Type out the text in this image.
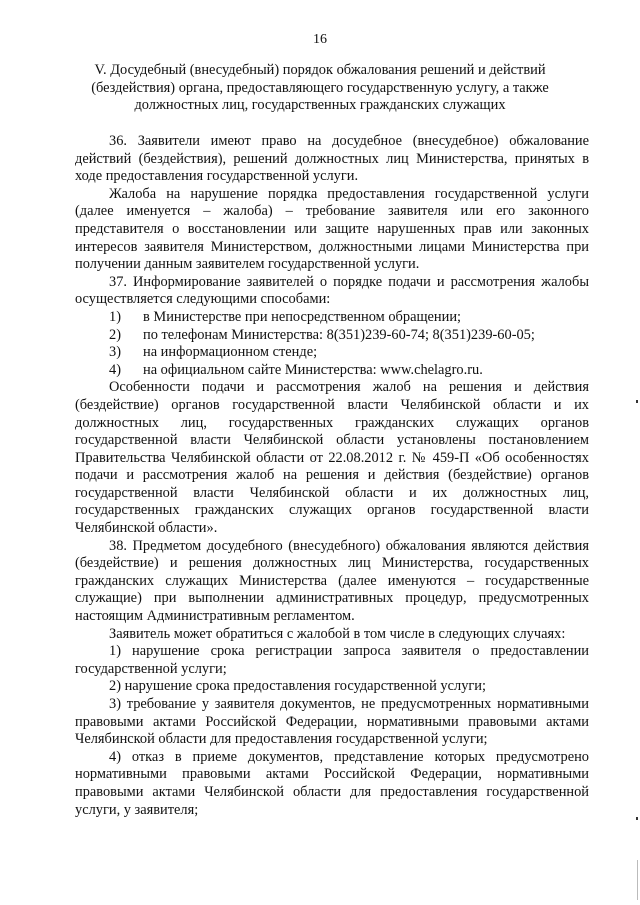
16
V. Досудебный (внесудебный) порядок обжалования решений и действий (бездействия) органа, предоставляющего государственную услугу, а также должностных лиц, государственных гражданских служащих

36. Заявители имеют право на досудебное (внесудебное) обжалование действий (бездействия), решений должностных лиц Министерства, принятых в ходе предоставления государственной услуги.

Жалоба на нарушение порядка предоставления государственной услуги (далее именуется – жалоба) – требование заявителя или его законного представителя о восстановлении или защите нарушенных прав или законных интересов заявителя Министерством, должностными лицами Министерства при получении данным заявителем государственной услуги.

37. Информирование заявителей о порядке подачи и рассмотрения жалобы осуществляется следующими способами:

1)	в Министерстве при непосредственном обращении;
2)	по телефонам Министерства: 8(351)239-60-74; 8(351)239-60-05;
3)	на информационном стенде;
4)	на официальном сайте Министерства: www.chelagro.ru.

Особенности подачи и рассмотрения жалоб на решения и действия (бездействие) органов государственной власти Челябинской области и их должностных лиц, государственных гражданских служащих органов государственной власти Челябинской области установлены постановлением Правительства Челябинской области от 22.08.2012 г. № 459-П «Об особенностях подачи и рассмотрения жалоб на решения и действия (бездействие) органов государственной власти Челябинской области и их должностных лиц, государственных гражданских служащих органов государственной власти Челябинской области».

38. Предметом досудебного (внесудебного) обжалования являются действия (бездействие) и решения должностных лиц Министерства, государственных гражданских служащих Министерства (далее именуются – государственные служащие) при выполнении административных процедур, предусмотренных настоящим Административным регламентом.

Заявитель может обратиться с жалобой в том числе в следующих случаях:

1) нарушение срока регистрации запроса заявителя о предоставлении государственной услуги;

2) нарушение срока предоставления государственной услуги;

3) требование у заявителя документов, не предусмотренных нормативными правовыми актами Российской Федерации, нормативными правовыми актами Челябинской области для предоставления государственной услуги;

4) отказ в приеме документов, представление которых предусмотрено нормативными правовыми актами Российской Федерации, нормативными правовыми актами Челябинской области для предоставления государственной услуги, у заявителя;
